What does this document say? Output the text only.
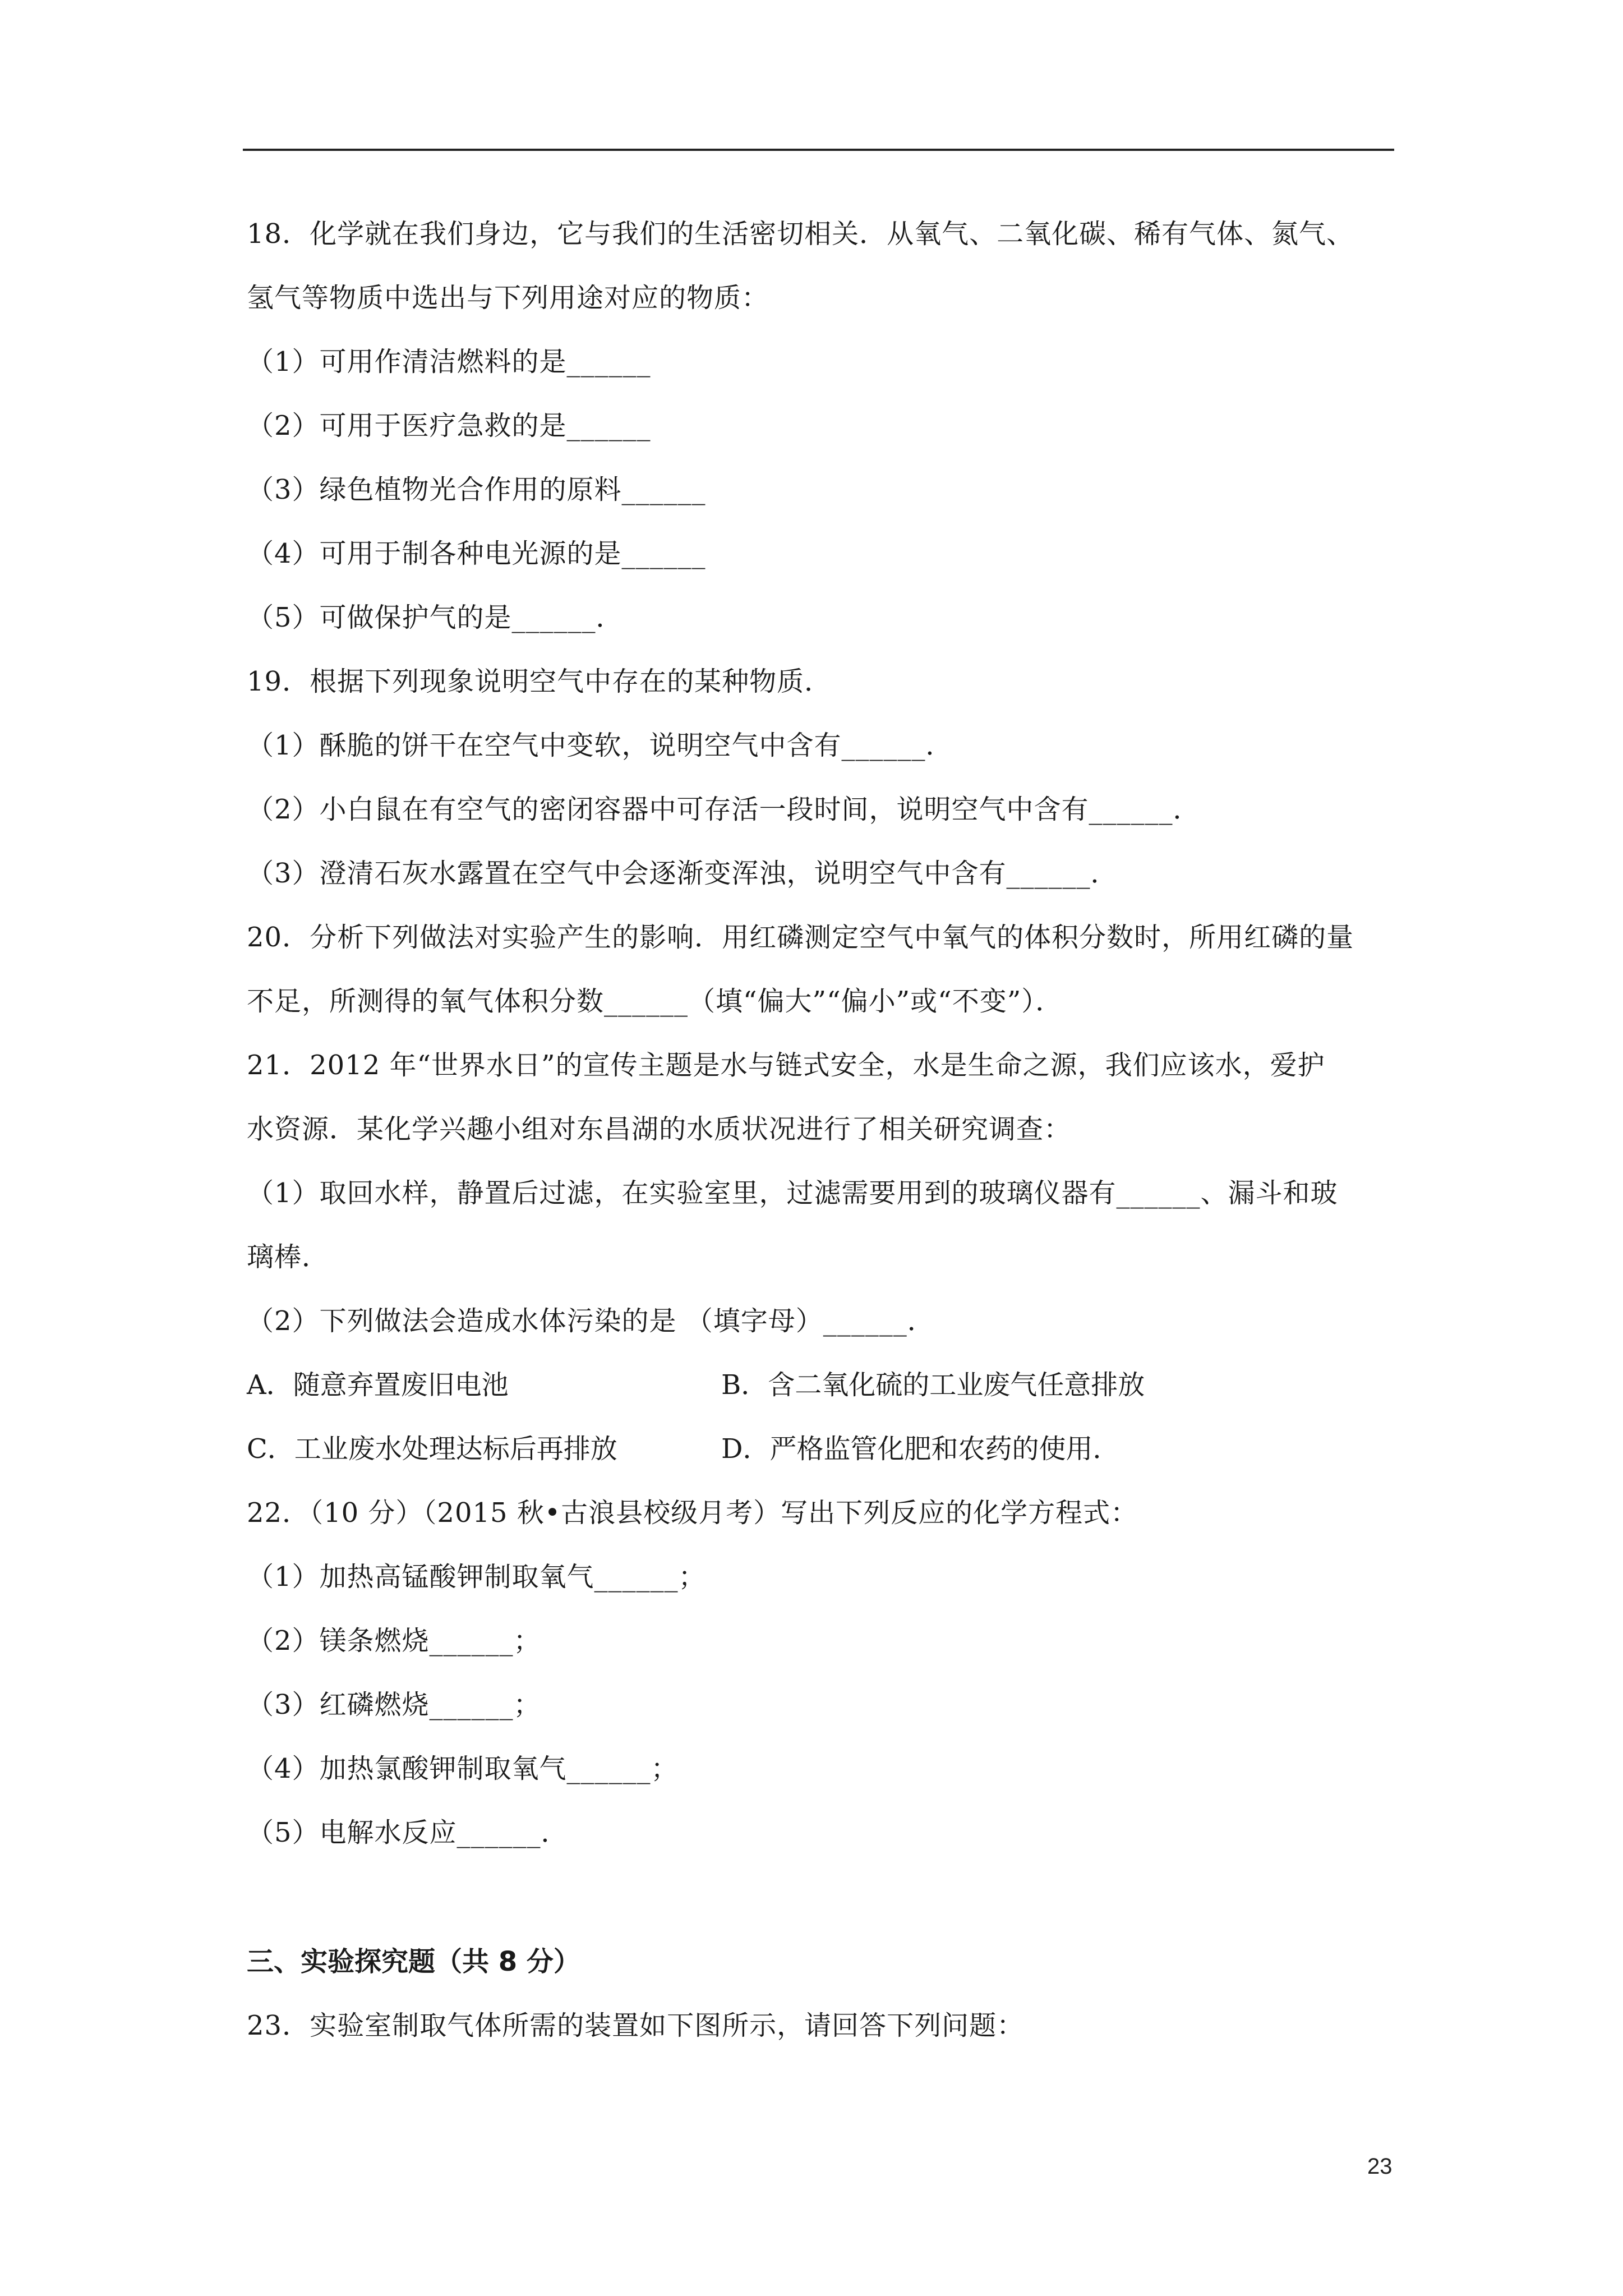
18．化学就在我们身边，它与我们的生活密切相关．从氧气、二氧化碳、稀有气体、氮气、
氢气等物质中选出与下列用途对应的物质：
（1）可用作清洁燃料的是______
（2）可用于医疗急救的是______
（3）绿色植物光合作用的原料______
（4）可用于制各种电光源的是______
（5）可做保护气的是______．
19．根据下列现象说明空气中存在的某种物质．
（1）酥脆的饼干在空气中变软，说明空气中含有______．
（2）小白鼠在有空气的密闭容器中可存活一段时间，说明空气中含有______．
（3）澄清石灰水露置在空气中会逐渐变浑浊，说明空气中含有______．
20．分析下列做法对实验产生的影响．用红磷测定空气中氧气的体积分数时，所用红磷的量
不足，所测得的氧气体积分数______（填“偏大”“偏小”或“不变”）．
21．2012 年“世界水日”的宣传主题是水与链式安全，水是生命之源，我们应该水，爱护
水资源．某化学兴趣小组对东昌湖的水质状况进行了相关研究调查：
（1）取回水样，静置后过滤，在实验室里，过滤需要用到的玻璃仪器有______、漏斗和玻
璃棒．
（2）下列做法会造成水体污染的是 （填字母）______．
A．随意弃置废旧电池	B．含二氧化硫的工业废气任意排放
C．工业废水处理达标后再排放	D．严格监管化肥和农药的使用．
22．（10 分）（2015 秋•古浪县校级月考）写出下列反应的化学方程式：
（1）加热高锰酸钾制取氧气______；
（2）镁条燃烧______；
（3）红磷燃烧______；
（4）加热氯酸钾制取氧气______；
（5）电解水反应______．
三、实验探究题（共 8 分）
23．实验室制取气体所需的装置如下图所示，请回答下列问题：
23
